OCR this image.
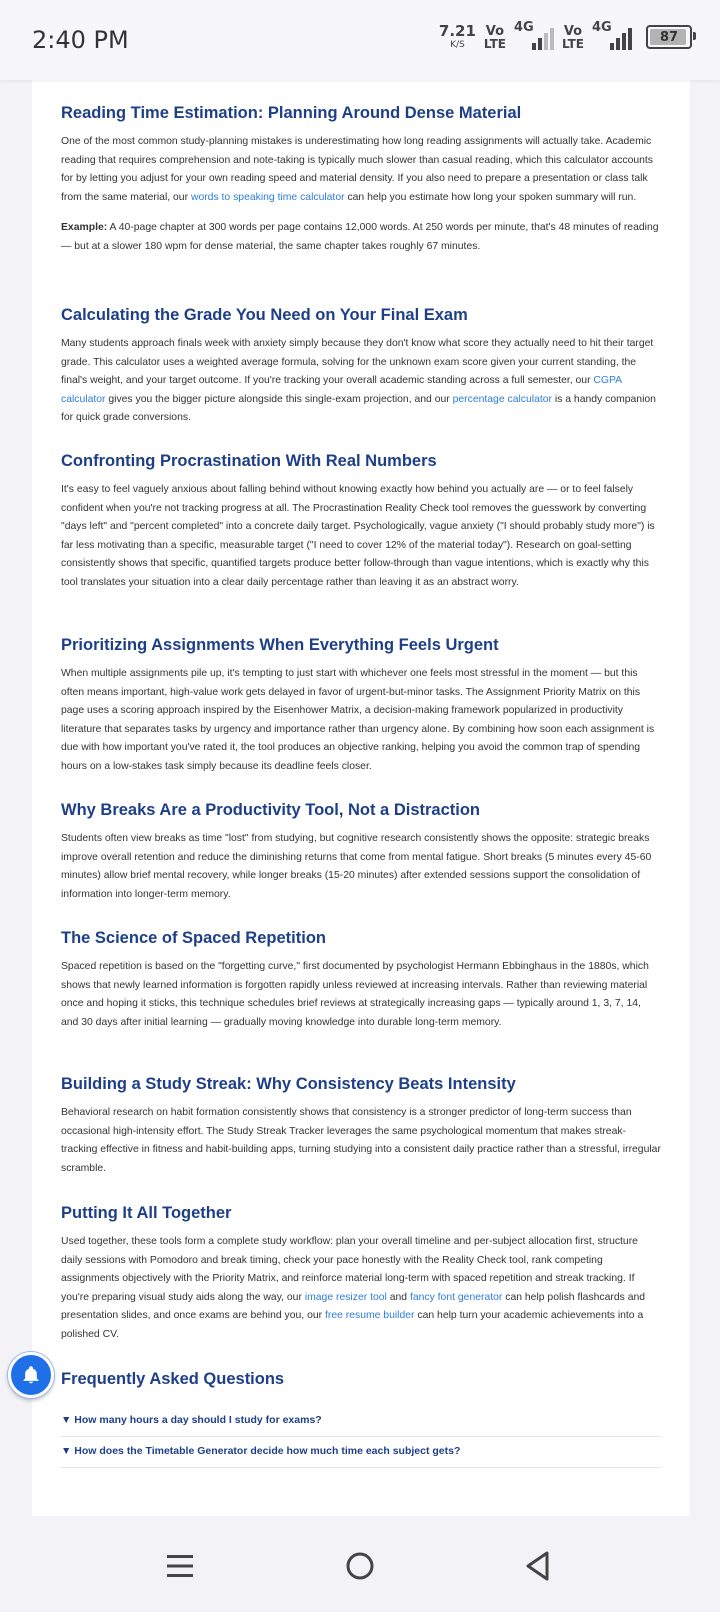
2:40 PM	7.21
K/S
Vo
LTE
4G Vo
LTE
4G
87
Reading Time Estimation: Planning Around Dense Material

One of the most common study-planning mistakes is underestimating how long reading assignments will actually take. Academic reading that requires comprehension and note-taking is typically much slower than casual reading, which this calculator accounts for by letting you adjust for your own reading speed and material density. If you also need to prepare a presentation or class talk from the same material, our words to speaking time calculator can help you estimate how long your spoken summary will run.

Example: A 40-page chapter at 300 words per page contains 12,000 words. At 250 words per minute, that's 48 minutes of reading — but at a slower 180 wpm for dense material, the same chapter takes roughly 67 minutes.

Calculating the Grade You Need on Your Final Exam

Many students approach finals week with anxiety simply because they don't know what score they actually need to hit their target grade. This calculator uses a weighted average formula, solving for the unknown exam score given your current standing, the final's weight, and your target outcome. If you're tracking your overall academic standing across a full semester, our CGPA calculator gives you the bigger picture alongside this single-exam projection, and our percentage calculator is a handy companion for quick grade conversions.

Confronting Procrastination With Real Numbers

It's easy to feel vaguely anxious about falling behind without knowing exactly how behind you actually are — or to feel falsely confident when you're not tracking progress at all. The Procrastination Reality Check tool removes the guesswork by converting "days left" and "percent completed" into a concrete daily target. Psychologically, vague anxiety ("I should probably study more") is far less motivating than a specific, measurable target ("I need to cover 12% of the material today"). Research on goal-setting consistently shows that specific, quantified targets produce better follow-through than vague intentions, which is exactly why this tool translates your situation into a clear daily percentage rather than leaving it as an abstract worry.

Prioritizing Assignments When Everything Feels Urgent

When multiple assignments pile up, it's tempting to just start with whichever one feels most stressful in the moment — but this often means important, high-value work gets delayed in favor of urgent-but-minor tasks. The Assignment Priority Matrix on this page uses a scoring approach inspired by the Eisenhower Matrix, a decision-making framework popularized in productivity literature that separates tasks by urgency and importance rather than urgency alone. By combining how soon each assignment is due with how important you've rated it, the tool produces an objective ranking, helping you avoid the common trap of spending hours on a low-stakes task simply because its deadline feels closer.

Why Breaks Are a Productivity Tool, Not a Distraction

Students often view breaks as time "lost" from studying, but cognitive research consistently shows the opposite: strategic breaks improve overall retention and reduce the diminishing returns that come from mental fatigue. Short breaks (5 minutes every 45-60 minutes) allow brief mental recovery, while longer breaks (15-20 minutes) after extended sessions support the consolidation of information into longer-term memory.

The Science of Spaced Repetition

Spaced repetition is based on the "forgetting curve," first documented by psychologist Hermann Ebbinghaus in the 1880s, which shows that newly learned information is forgotten rapidly unless reviewed at increasing intervals. Rather than reviewing material once and hoping it sticks, this technique schedules brief reviews at strategically increasing gaps — typically around 1, 3, 7, 14, and 30 days after initial learning — gradually moving knowledge into durable long-term memory.

Building a Study Streak: Why Consistency Beats Intensity

Behavioral research on habit formation consistently shows that consistency is a stronger predictor of long-term success than occasional high-intensity effort. The Study Streak Tracker leverages the same psychological momentum that makes streak-tracking effective in fitness and habit-building apps, turning studying into a consistent daily practice rather than a stressful, irregular scramble.

Putting It All Together

Used together, these tools form a complete study workflow: plan your overall timeline and per-subject allocation first, structure daily sessions with Pomodoro and break timing, check your pace honestly with the Reality Check tool, rank competing assignments objectively with the Priority Matrix, and reinforce material long-term with spaced repetition and streak tracking. If you're preparing visual study aids along the way, our image resizer tool and fancy font generator can help polish flashcards and presentation slides, and once exams are behind you, our free resume builder can help turn your academic achievements into a polished CV.

Frequently Asked Questions
▼ How many hours a day should I study for exams?
▼ How does the Timetable Generator decide how much time each subject gets?
